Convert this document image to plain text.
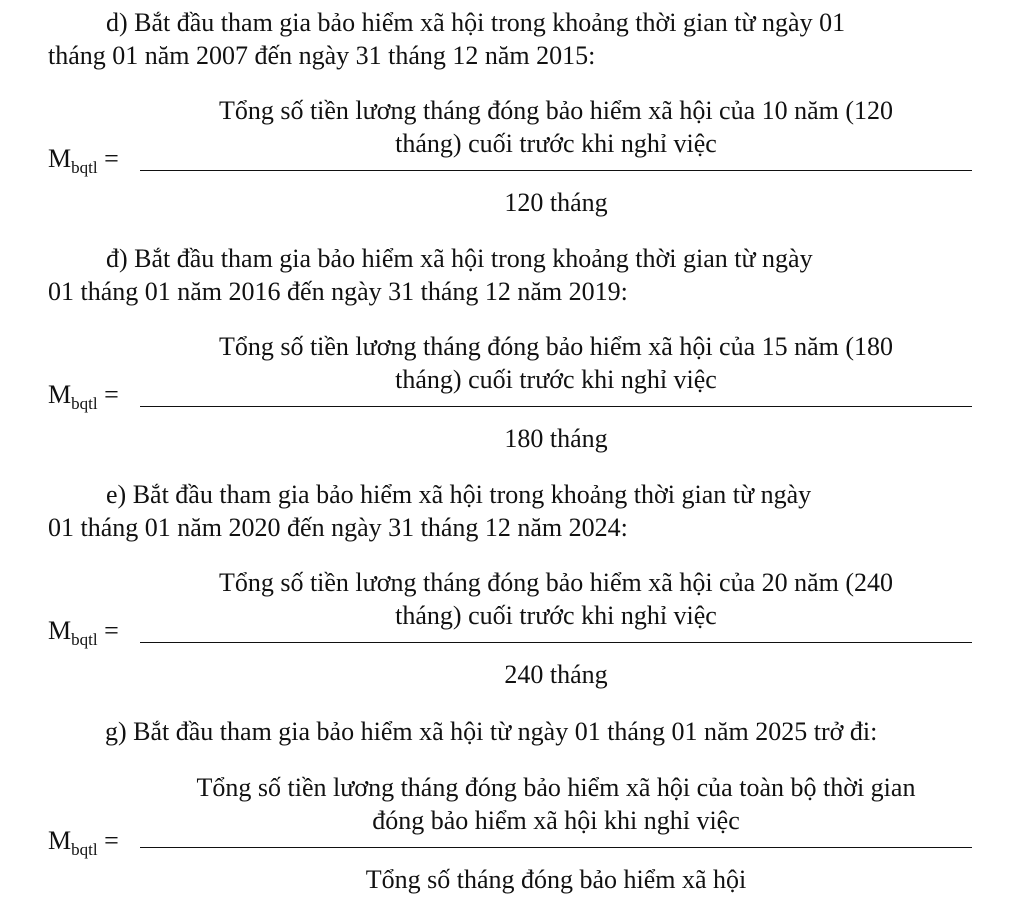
d) Bắt đầu tham gia bảo hiểm xã hội trong khoảng thời gian từ ngày 01
tháng 01 năm 2007 đến ngày 31 tháng 12 năm 2015:
Tổng số tiền lương tháng đóng bảo hiểm xã hội của 10 năm (120
tháng) cuối trước khi nghỉ việc
$M_{bqtl}$ =
120 tháng
đ) Bắt đầu tham gia bảo hiểm xã hội trong khoảng thời gian từ ngày
01 tháng 01 năm 2016 đến ngày 31 tháng 12 năm 2019:
Tổng số tiền lương tháng đóng bảo hiểm xã hội của 15 năm (180
tháng) cuối trước khi nghỉ việc
$M_{bqtl}$ =
180 tháng
e) Bắt đầu tham gia bảo hiểm xã hội trong khoảng thời gian từ ngày
01 tháng 01 năm 2020 đến ngày 31 tháng 12 năm 2024:
Tổng số tiền lương tháng đóng bảo hiểm xã hội của 20 năm (240
tháng) cuối trước khi nghỉ việc
$M_{bqtl}$ =
240 tháng
g) Bắt đầu tham gia bảo hiểm xã hội từ ngày 01 tháng 01 năm 2025 trở đi:
Tổng số tiền lương tháng đóng bảo hiểm xã hội của toàn bộ thời gian
đóng bảo hiểm xã hội khi nghỉ việc
$M_{bqtl}$ =
Tổng số tháng đóng bảo hiểm xã hội
